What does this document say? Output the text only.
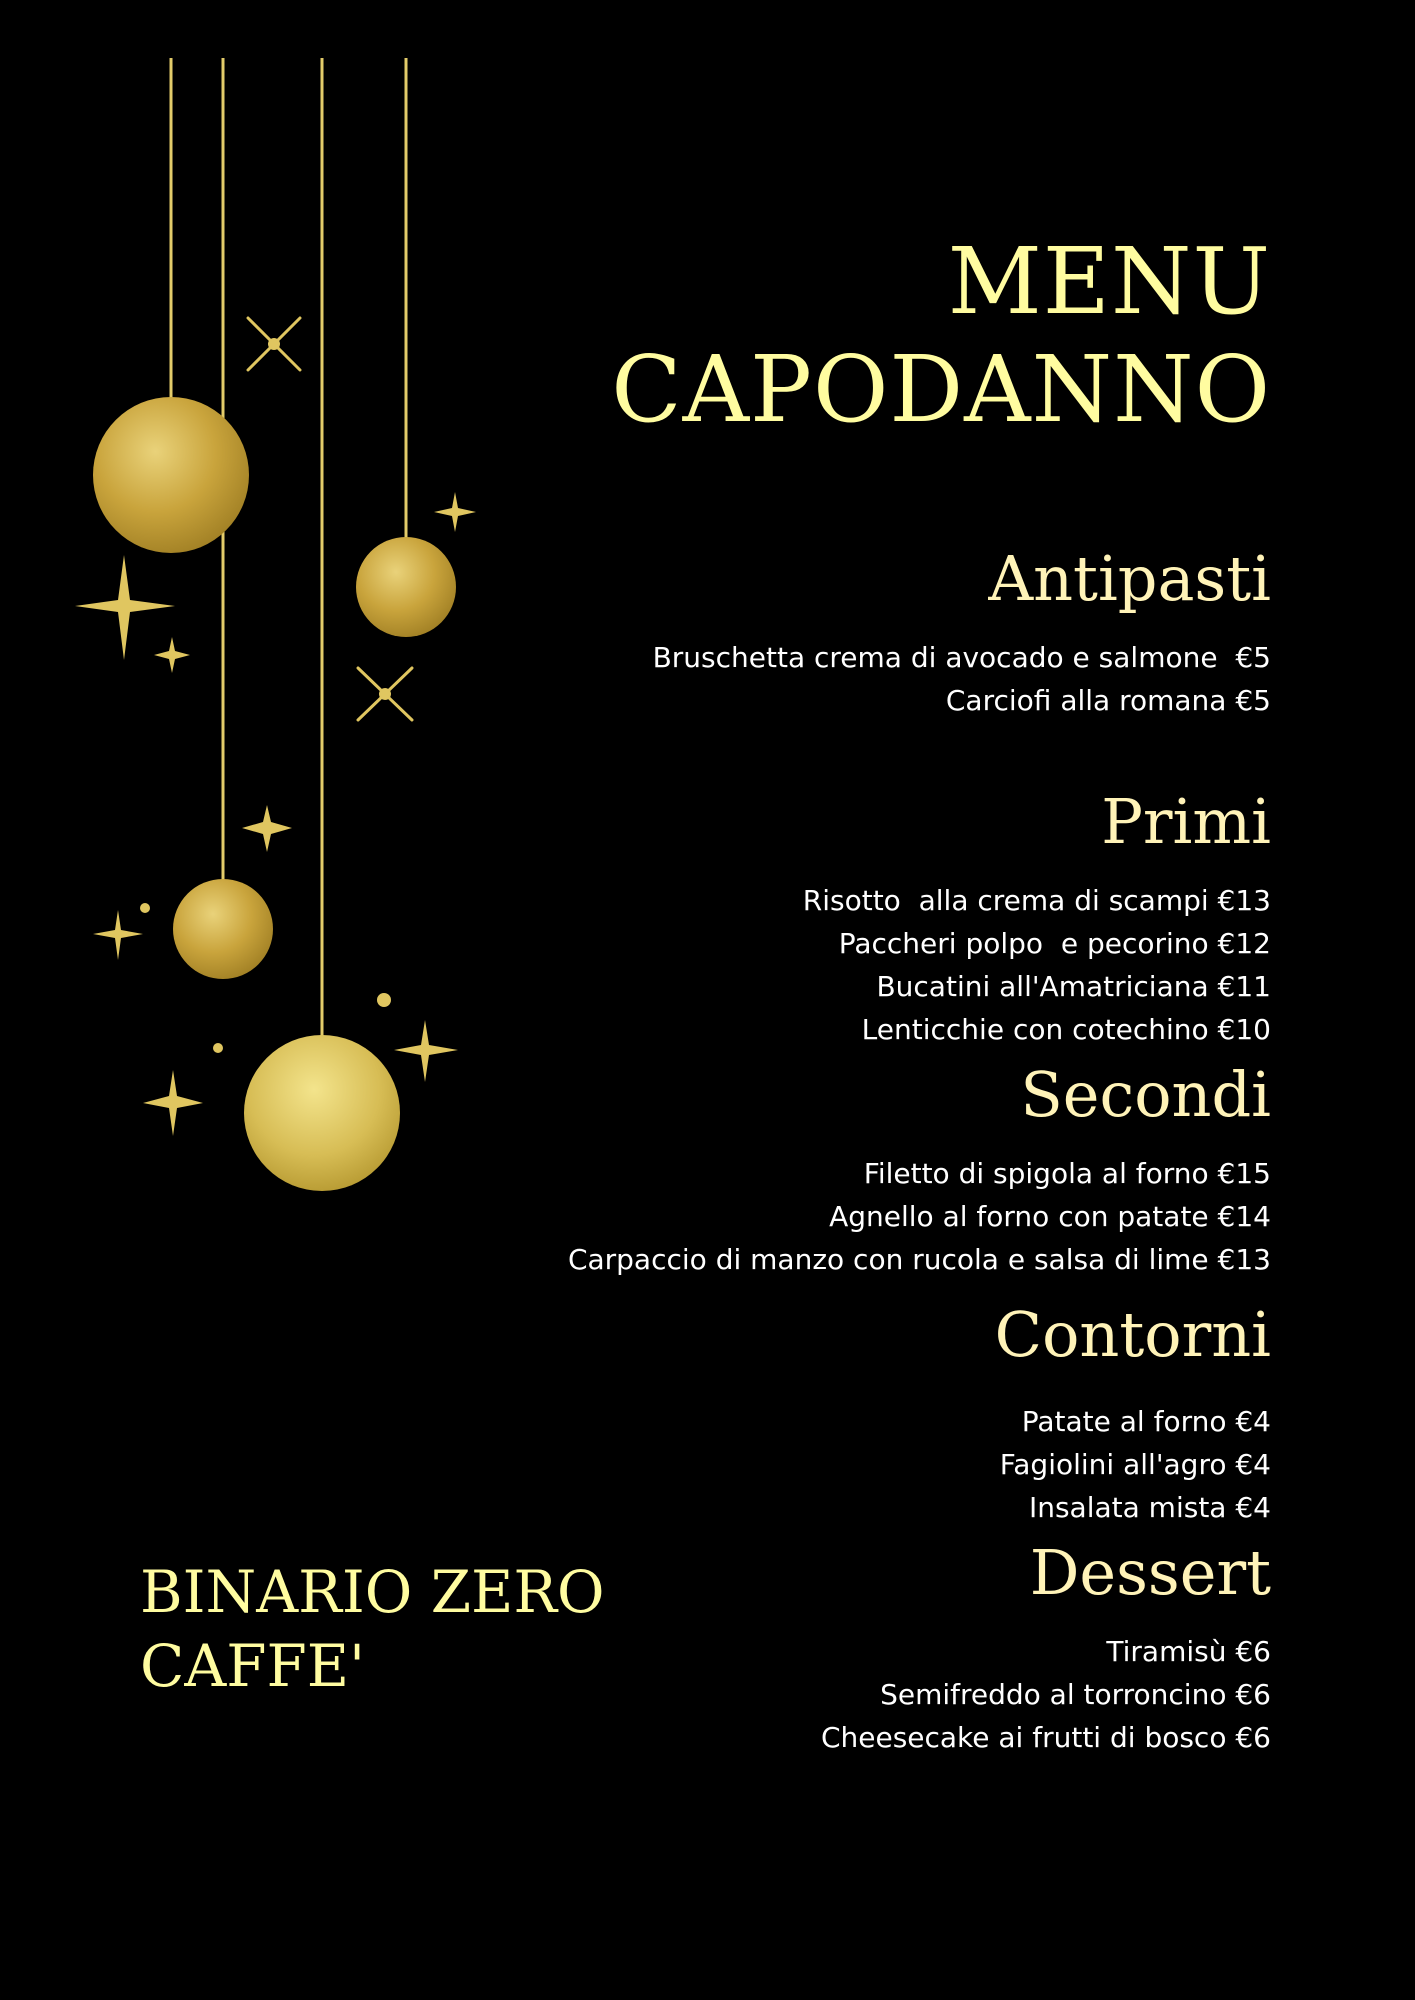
MENU
CAPODANNO
Antipasti
Bruschetta crema di avocado e salmone  €5
Carciofi alla romana €5
Primi
Risotto  alla crema di scampi €13
Paccheri polpo  e pecorino €12
Bucatini all'Amatriciana €11
Lenticchie con cotechino €10
Secondi
Filetto di spigola al forno €15
Agnello al forno con patate €14
Carpaccio di manzo con rucola e salsa di lime €13
Contorni
Patate al forno €4
Fagiolini all'agro €4
Insalata mista €4
Dessert
Tiramisù €6
Semifreddo al torroncino €6
Cheesecake ai frutti di bosco €6

BINARIO ZERO
CAFFE'
